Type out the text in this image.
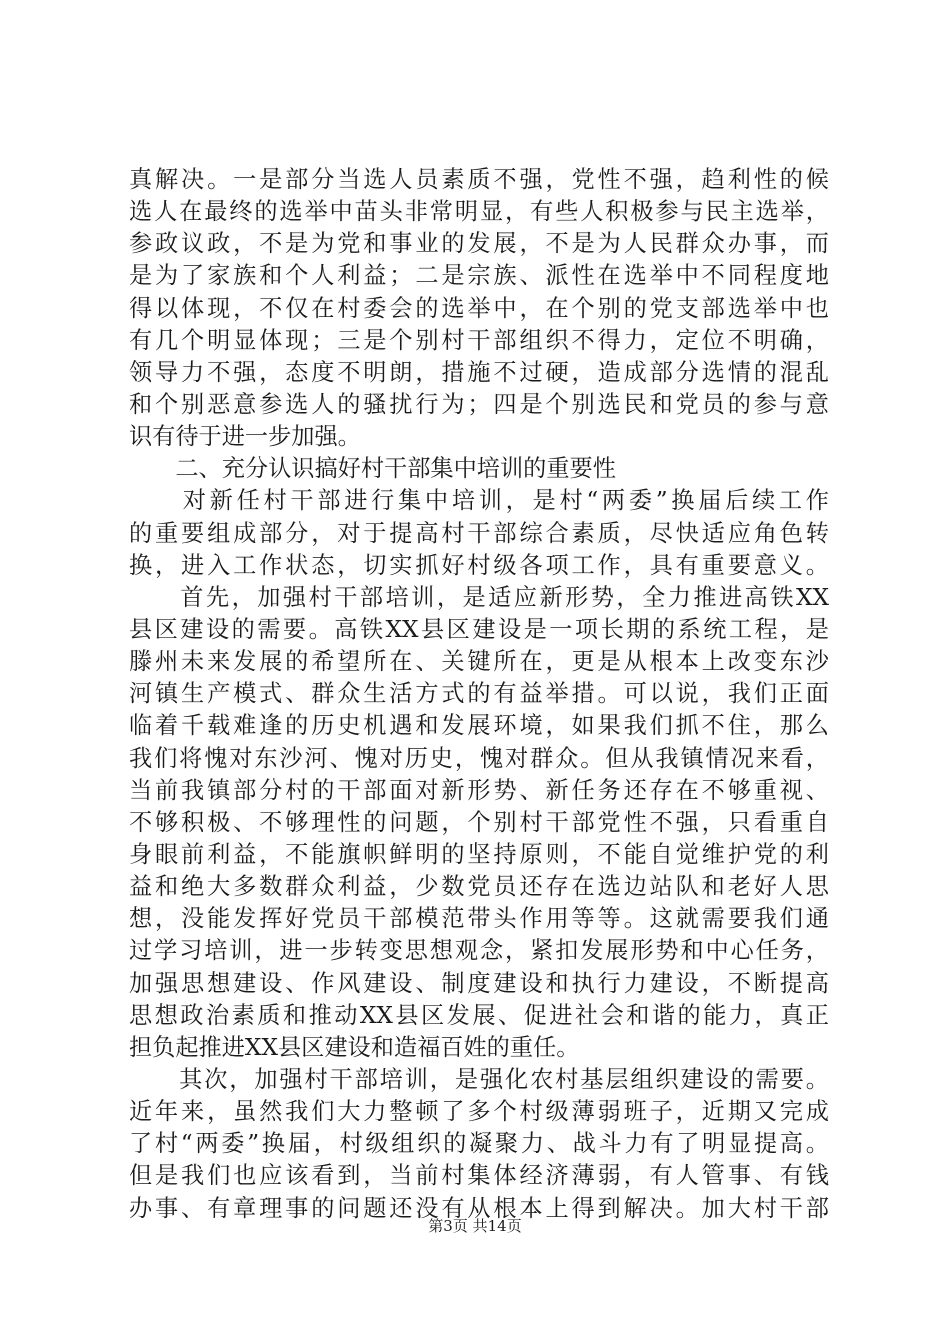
真解决。一是部分当选人员素质不强，党性不强，趋利性的候
选人在最终的选举中苗头非常明显，有些人积极参与民主选举，
参政议政，不是为党和事业的发展，不是为人民群众办事，而
是为了家族和个人利益；二是宗族、派性在选举中不同程度地
得以体现，不仅在村委会的选举中，在个别的党支部选举中也
有几个明显体现；三是个别村干部组织不得力，定位不明确，
领导力不强，态度不明朗，措施不过硬，造成部分选情的混乱
和个别恶意参选人的骚扰行为；四是个别选民和党员的参与意
识有待于进一步加强。
　　二、充分认识搞好村干部集中培训的重要性
　　对新任村干部进行集中培训，是村“两委”换届后续工作
的重要组成部分，对于提高村干部综合素质，尽快适应角色转
换，进入工作状态，切实抓好村级各项工作，具有重要意义。
　　首先，加强村干部培训，是适应新形势，全力推进高铁XX
县区建设的需要。高铁XX县区建设是一项长期的系统工程，是
滕州未来发展的希望所在、关键所在，更是从根本上改变东沙
河镇生产模式、群众生活方式的有益举措。可以说，我们正面
临着千载难逢的历史机遇和发展环境，如果我们抓不住，那么
我们将愧对东沙河、愧对历史，愧对群众。但从我镇情况来看，
当前我镇部分村的干部面对新形势、新任务还存在不够重视、
不够积极、不够理性的问题，个别村干部党性不强，只看重自
身眼前利益，不能旗帜鲜明的坚持原则，不能自觉维护党的利
益和绝大多数群众利益，少数党员还存在选边站队和老好人思
想，没能发挥好党员干部模范带头作用等等。这就需要我们通
过学习培训，进一步转变思想观念，紧扣发展形势和中心任务，
加强思想建设、作风建设、制度建设和执行力建设，不断提高
思想政治素质和推动XX县区发展、促进社会和谐的能力，真正
担负起推进XX县区建设和造福百姓的重任。
　　其次，加强村干部培训，是强化农村基层组织建设的需要。
近年来，虽然我们大力整顿了多个村级薄弱班子，近期又完成
了村“两委”换届，村级组织的凝聚力、战斗力有了明显提高。
但是我们也应该看到，当前村集体经济薄弱，有人管事、有钱
办事、有章理事的问题还没有从根本上得到解决。加大村干部
第3页 共14页
